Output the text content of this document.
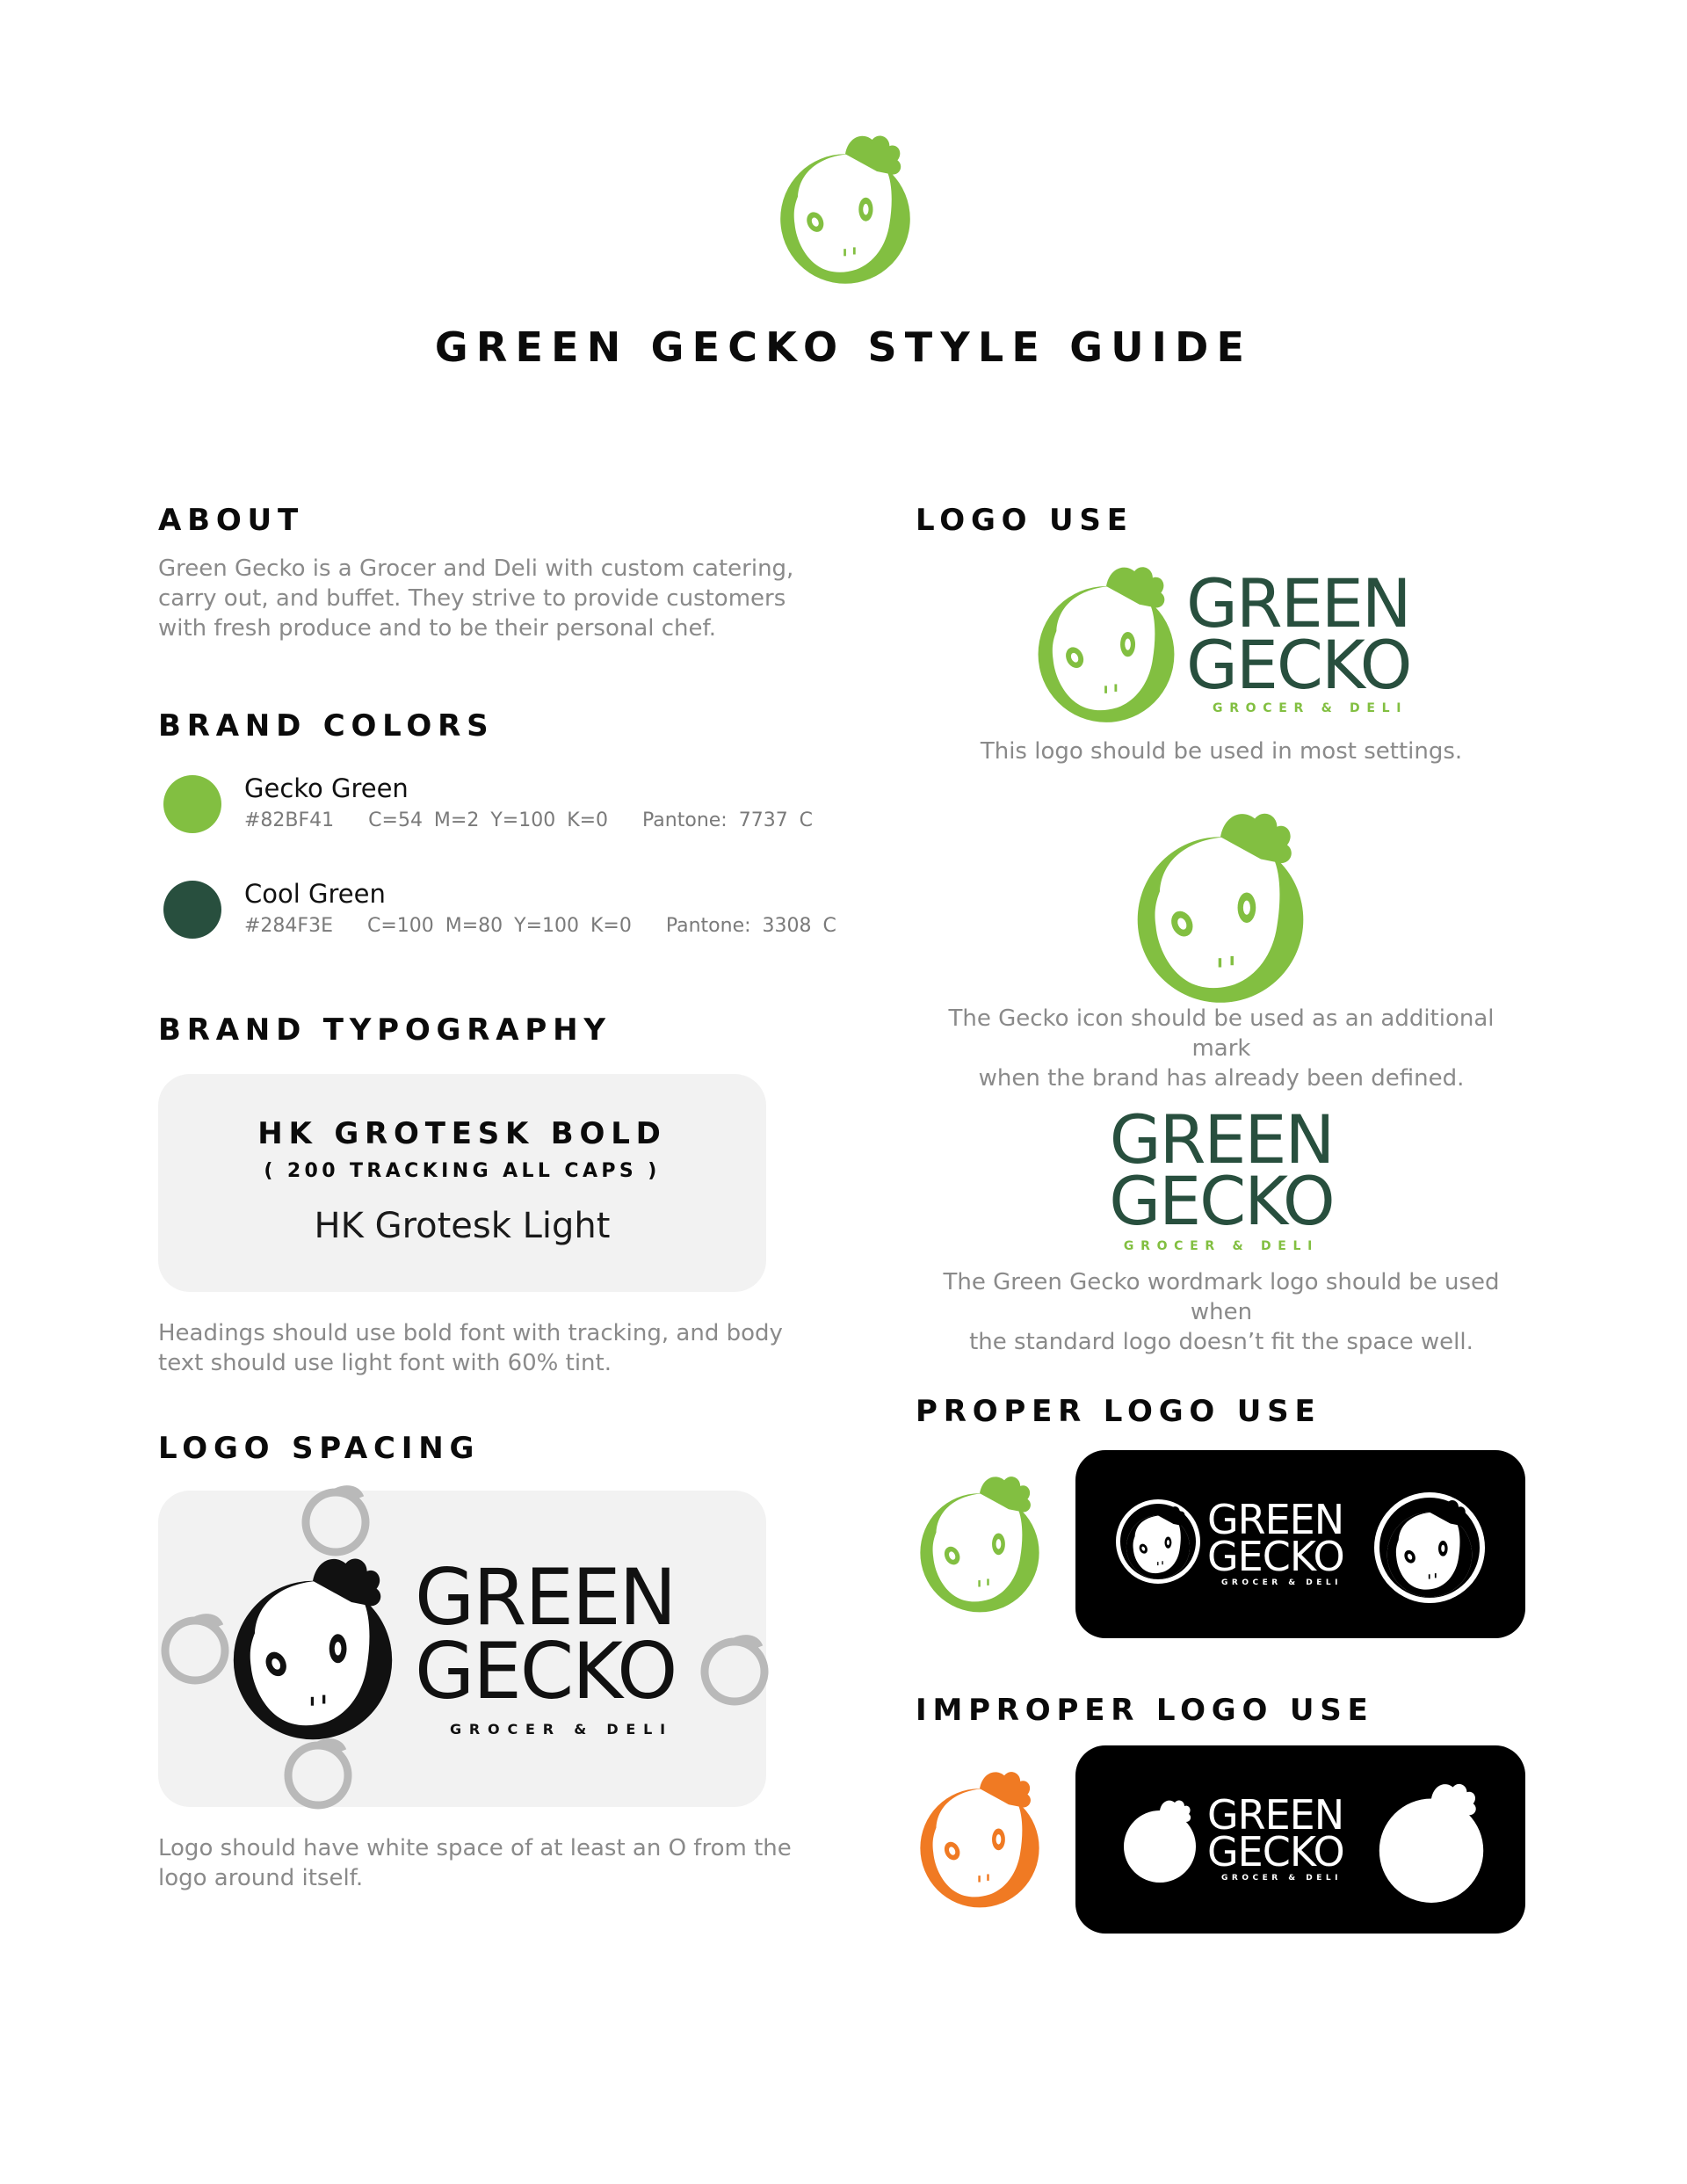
GREEN GECKO STYLE GUIDE
ABOUT
Green Gecko is a Grocer and Deli with custom catering,
carry out, and buffet. They strive to provide customers
with fresh produce and to be their personal chef.
BRAND COLORS
Gecko Green
#82BF41   C=54 M=2 Y=100 K=0   Pantone: 7737 C
Cool Green
#284F3E   C=100 M=80 Y=100 K=0   Pantone: 3308 C
BRAND TYPOGRAPHY
HK GROTESK BOLD
( 200 TRACKING ALL CAPS )
HK Grotesk Light
Headings should use bold font with tracking, and body
text should use light font with 60% tint.
LOGO SPACING
GREEN
GECKO
GROCER & DELI
Logo should have white space of at least an O from the
logo around itself.
LOGO USE
GREEN
GECKO
GROCER & DELI
This logo should be used in most settings.
The Gecko icon should be used as an additional mark
when the brand has already been defined.
GREEN
GECKO
GROCER & DELI
The Green Gecko wordmark logo should be used when
the standard logo doesn’t fit the space well.
PROPER LOGO USE
GREEN
GECKO
GROCER & DELI
IMPROPER LOGO USE
GREEN
GECKO
GROCER & DELI
